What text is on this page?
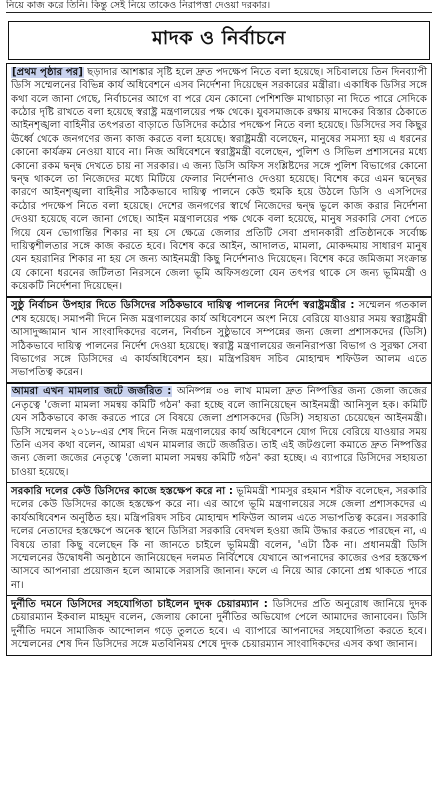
নিয়ে কাজ করে তিনি। কিন্তু সেই নিয়ে তাকেও নিরাপত্তা দেওয়া দরকার।
মাদক ও নির্বাচনে

[প্রথম পৃষ্ঠার পর] ছড়াদার আশঙ্কার সৃষ্টি হলে দ্রুত পদক্ষেপ নিতে বলা হয়েছে। সচিবালয়ে তিন দিনব্যাপী ডিসি সম্মেলনের বিভিন্ন কার্য অধিবেশনে এসব নির্দেশনা দিয়েছেন সরকারের মন্ত্রীরা। একাধিক ডিসির সঙ্গে কথা বলে জানা গেছে, নির্বাচনের আগে বা পরে যেন কোনো পেশিশক্তি মাথাচাড়া না দিতে পারে সেদিকে কঠোর দৃষ্টি রাখতে বলা হয়েছে স্বরাষ্ট্র মন্ত্রণালয়ের পক্ষ থেকে। যুবসমাজকে রক্ষায় মাদকের বিস্তার ঠেকাতে আইনশৃঙ্খলা বাহিনীর তৎপরতা বাড়াতে ডিসিদের কঠোর পদক্ষেপ নিতে বলা হয়েছে। ডিসিদের সব কিছুর ঊর্ধ্বে থেকে জনগণের জন্য কাজ করতে বলা হয়েছে। স্বরাষ্ট্রমন্ত্রী বলেছেন, মানুষের সমস্যা হয় এ ধরনের কোনো কার্যক্রম নেওয়া যাবে না। নিজ অধিবেশনে স্বরাষ্ট্রমন্ত্রী বলেছেন, পুলিশ ও সিভিল প্রশাসনের মধ্যে কোনো রকম দ্বন্দ্ব দেখতে চায় না সরকার। এ জন্য ডিসি অফিস সংশ্লিষ্টদের সঙ্গে পুলিশ বিভাগের কোনো দ্বন্দ্ব থাকলে তা নিজেদের মধ্যে মিটিয়ে ফেলার নির্দেশনাও দেওয়া হয়েছে। বিশেষ করে এমন দ্বন্দ্বের কারণে আইনশৃঙ্খলা বাহিনীর সঠিকভাবে দায়িত্ব পালনে কেউ হুমকি হয়ে উঠলে ডিসি ও এসপিদের কঠোর পদক্ষেপ নিতে বলা হয়েছে। দেশের জনগণের স্বার্থে নিজেদের দ্বন্দ্ব ভুলে কাজ করার নির্দেশনা দেওয়া হয়েছে বলে জানা গেছে। আইন মন্ত্রণালয়ের পক্ষ থেকে বলা হয়েছে, মানুষ সরকারি সেবা পেতে গিয়ে যেন ভোগান্তির শিকার না হয় সে ক্ষেত্রে জেলার প্রতিটি সেবা প্রদানকারী প্রতিষ্ঠানকে সর্বোচ্চ দায়িত্বশীলতার সঙ্গে কাজ করতে হবে। বিশেষ করে আইন, আদালত, মামলা, মোকদ্দমায় সাধারণ মানুষ যেন হয়রানির শিকার না হয় সে জন্য আইনমন্ত্রী কিছু নির্দেশনাও দিয়েছেন। বিশেষ করে জমিজমা সংক্রান্ত যে কোনো ধরনের জটিলতা নিরসনে জেলা ভূমি অফিসগুলো যেন তৎপর থাকে সে জন্য ভূমিমন্ত্রী ও কয়েকটি নির্দেশনা দিয়েছেন।

সুষ্ঠু নির্বাচন উপহার দিতে ডিসিদের সঠিকভাবে দায়িত্ব পালনের নির্দেশ স্বরাষ্ট্রমন্ত্রীর : সম্মেলন গতকাল শেষ হয়েছে। সমাপনী দিনে নিজ মন্ত্রণালয়ের কার্য অধিবেশনে অংশ নিয়ে বেরিয়ে যাওয়ার সময় স্বরাষ্ট্রমন্ত্রী আসাদুজ্জামান খান সাংবাদিকদের বলেন, নির্বাচন সুষ্ঠুভাবে সম্পন্নের জন্য জেলা প্রশাসকদের (ডিসি) সঠিকভাবে দায়িত্ব পালনের নির্দেশ দেওয়া হয়েছে। স্বরাষ্ট্র মন্ত্রণালয়ের জননিরাপত্তা বিভাগ ও সুরক্ষা সেবা বিভাগের সঙ্গে ডিসিদের এ কার্যঅধিবেশন হয়। মন্ত্রিপরিষদ সচিব মোহাম্মদ শফিউল আলম এতে সভাপতিত্ব করেন।

আমরা এখন মামলার জটে জর্জরিত : অনিষ্পন্ন ৩৪ লাখ মামলা দ্রুত নিষ্পত্তির জন্য জেলা জজের নেতৃত্বে 'জেলা মামলা সমন্বয় কমিটি গঠন' করা হচ্ছে বলে জানিয়েছেন আইনমন্ত্রী আনিসুল হক। কমিটি যেন সঠিকভাবে কাজ করতে পারে সে বিষয়ে জেলা প্রশাসকদের (ডিসি) সহায়তা চেয়েছেন আইনমন্ত্রী। ডিসি সম্মেলন ২০১৮-এর শেষ দিনে নিজ মন্ত্রণালয়ের কার্য অধিবেশনে যোগ দিয়ে বেরিয়ে যাওয়ার সময় তিনি এসব কথা বলেন, আমরা এখন মামলার জটে জর্জরিত। তাই এই জটগুলো কমাতে দ্রুত নিষ্পত্তির জন্য জেলা জজের নেতৃত্বে 'জেলা মামলা সমন্বয় কমিটি গঠন' করা হচ্ছে। এ ব্যাপারে ডিসিদের সহায়তা চাওয়া হয়েছে।

সরকারি দলের কেউ ডিসিদের কাজে হস্তক্ষেপ করে না : ভূমিমন্ত্রী শামসুর রহমান শরীফ বলেছেন, সরকারি দলের কেউ ডিসিদের কাজে হস্তক্ষেপ করে না। এর আগে ভূমি মন্ত্রণালয়ের সঙ্গে জেলা প্রশাসকদের এ কার্যঅধিবেশন অনুষ্ঠিত হয়। মন্ত্রিপরিষদ সচিব মোহাম্মদ শফিউল আলম এতে সভাপতিত্ব করেন। সরকারি দলের নেতাদের হস্তক্ষেপে অনেক স্থানে ডিসিরা সরকারি বেদখল হওয়া জমি উদ্ধার করতে পারছেন না, এ বিষয়ে তারা কিছু বলেছেন কি না জানতে চাইলে ভূমিমন্ত্রী বলেন, 'এটা ঠিক না। প্রধানমন্ত্রী ডিসি সম্মেলনের উদ্বোধনী অনুষ্ঠানে জানিয়েছেন দলমত নির্বিশেষে যেখানে আপনাদের কাজের ওপর হস্তক্ষেপ আসবে আপনারা প্রয়োজন হলে আমাকে সরাসরি জানান। ফলে এ নিয়ে আর কোনো প্রশ্ন থাকতে পারে না।

দুর্নীতি দমনে ডিসিদের সহযোগিতা চাইলেন দুদক চেয়ারম্যান : ডিসিদের প্রতি অনুরোধ জানিয়ে দুদক চেয়ারম্যান ইকবাল মাহমুদ বলেন, জেলায় কোনো দুর্নীতির অভিযোগ পেলে আমাদের জানাবেন। ডিসি দুর্নীতি দমনে সামাজিক আন্দোলন গড়ে তুলতে হবে। এ ব্যাপারে আপনাদের সহযোগিতা করতে হবে। সম্মেলনের শেষ দিন ডিসিদের সঙ্গে মতবিনিময় শেষে দুদক চেয়ারম্যান সাংবাদিকদের এসব কথা জানান।
